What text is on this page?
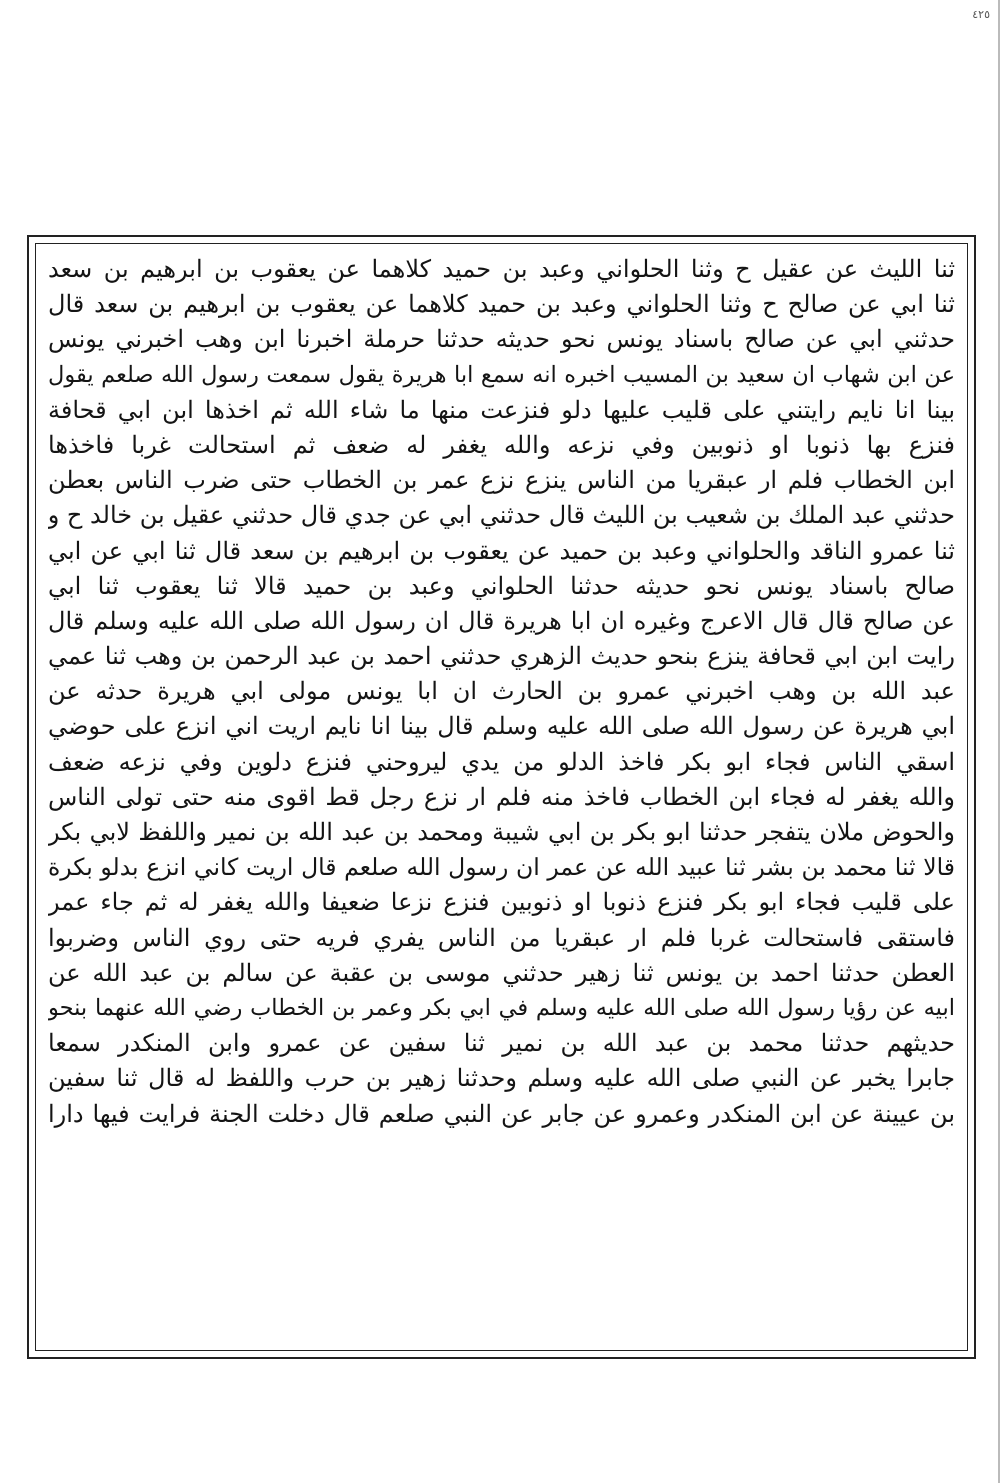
٤٢٥
ثنا الليث عن عقيل ح وثنا الحلواني وعبد بن حميد كلاهما عن يعقوب بن ابرهيم بن سعد
ثنا ابي عن صالح ح وثنا الحلواني وعبد بن حميد كلاهما عن يعقوب بن ابرهيم بن سعد قال
حدثني ابي عن صالح باسناد يونس نحو حديثه حدثنا حرملة اخبرنا ابن وهب اخبرني يونس
عن ابن شهاب ان سعيد بن المسيب اخبره انه سمع ابا هريرة يقول سمعت رسول الله صلعم يقول
بينا انا نايم رايتني على قليب عليها دلو فنزعت منها ما شاء الله ثم اخذها ابن ابي قحافة
فنزع بها ذنوبا او ذنوبين وفي نزعه والله يغفر له ضعف ثم استحالت غربا فاخذها
ابن الخطاب فلم ار عبقريا من الناس ينزع نزع عمر بن الخطاب حتى ضرب الناس بعطن
حدثني عبد الملك بن شعيب بن الليث قال حدثني ابي عن جدي قال حدثني عقيل بن خالد ح و
ثنا عمرو الناقد والحلواني وعبد بن حميد عن يعقوب بن ابرهيم بن سعد قال ثنا ابي عن ابي
صالح باسناد يونس نحو حديثه حدثنا الحلواني وعبد بن حميد قالا ثنا يعقوب ثنا ابي
عن صالح قال قال الاعرج وغيره ان ابا هريرة قال ان رسول الله صلى الله عليه وسلم قال
رايت ابن ابي قحافة ينزع بنحو حديث الزهري حدثني احمد بن عبد الرحمن بن وهب ثنا عمي
عبد الله بن وهب اخبرني عمرو بن الحارث ان ابا يونس مولى ابي هريرة حدثه عن
ابي هريرة عن رسول الله صلى الله عليه وسلم قال بينا انا نايم اريت اني انزع على حوضي
اسقي الناس فجاء ابو بكر فاخذ الدلو من يدي ليروحني فنزع دلوين وفي نزعه ضعف
والله يغفر له فجاء ابن الخطاب فاخذ منه فلم ار نزع رجل قط اقوى منه حتى تولى الناس
والحوض ملان يتفجر حدثنا ابو بكر بن ابي شيبة ومحمد بن عبد الله بن نمير واللفظ لابي بكر
قالا ثنا محمد بن بشر ثنا عبيد الله عن عمر ان رسول الله صلعم قال اريت كاني انزع بدلو بكرة
على قليب فجاء ابو بكر فنزع ذنوبا او ذنوبين فنزع نزعا ضعيفا والله يغفر له ثم جاء عمر
فاستقى فاستحالت غربا فلم ار عبقريا من الناس يفري فريه حتى روي الناس وضربوا
العطن حدثنا احمد بن يونس ثنا زهير حدثني موسى بن عقبة عن سالم بن عبد الله عن
ابيه عن رؤيا رسول الله صلى الله عليه وسلم في ابي بكر وعمر بن الخطاب رضي الله عنهما بنحو
حديثهم حدثنا محمد بن عبد الله بن نمير ثنا سفين عن عمرو وابن المنكدر سمعا
جابرا يخبر عن النبي صلى الله عليه وسلم وحدثنا زهير بن حرب واللفظ له قال ثنا سفين
بن عيينة عن ابن المنكدر وعمرو عن جابر عن النبي صلعم قال دخلت الجنة فرايت فيها دارا
